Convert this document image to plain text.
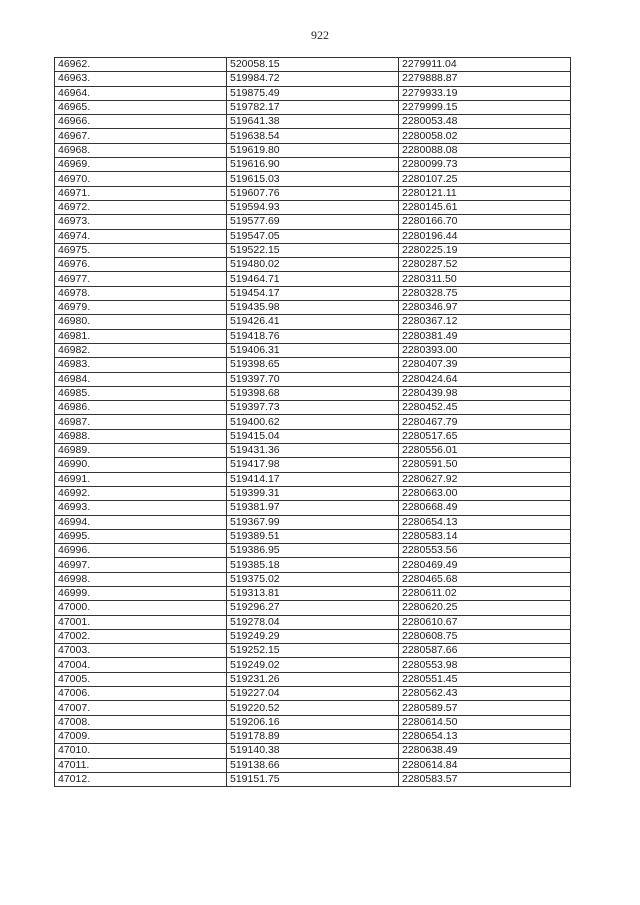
922
46962.	520058.15	2279911.04
46963.	519984.72	2279888.87
46964.	519875.49	2279933.19
46965.	519782.17	2279999.15
46966.	519641.38	2280053.48
46967.	519638.54	2280058.02
46968.	519619.80	2280088.08
46969.	519616.90	2280099.73
46970.	519615.03	2280107.25
46971.	519607.76	2280121.11
46972.	519594.93	2280145.61
46973.	519577.69	2280166.70
46974.	519547.05	2280196.44
46975.	519522.15	2280225.19
46976.	519480.02	2280287.52
46977.	519464.71	2280311.50
46978.	519454.17	2280328.75
46979.	519435.98	2280346.97
46980.	519426.41	2280367.12
46981.	519418.76	2280381.49
46982.	519406.31	2280393.00
46983.	519398.65	2280407.39
46984.	519397.70	2280424.64
46985.	519398.68	2280439.98
46986.	519397.73	2280452.45
46987.	519400.62	2280467.79
46988.	519415.04	2280517.65
46989.	519431.36	2280556.01
46990.	519417.98	2280591.50
46991.	519414.17	2280627.92
46992.	519399.31	2280663.00
46993.	519381.97	2280668.49
46994.	519367.99	2280654.13
46995.	519389.51	2280583.14
46996.	519386.95	2280553.56
46997.	519385.18	2280469.49
46998.	519375.02	2280465.68
46999.	519313.81	2280611.02
47000.	519296.27	2280620.25
47001.	519278.04	2280610.67
47002.	519249.29	2280608.75
47003.	519252.15	2280587.66
47004.	519249.02	2280553.98
47005.	519231.26	2280551.45
47006.	519227.04	2280562.43
47007.	519220.52	2280589.57
47008.	519206.16	2280614.50
47009.	519178.89	2280654.13
47010.	519140.38	2280638.49
47011.	519138.66	2280614.84
47012.	519151.75	2280583.57
